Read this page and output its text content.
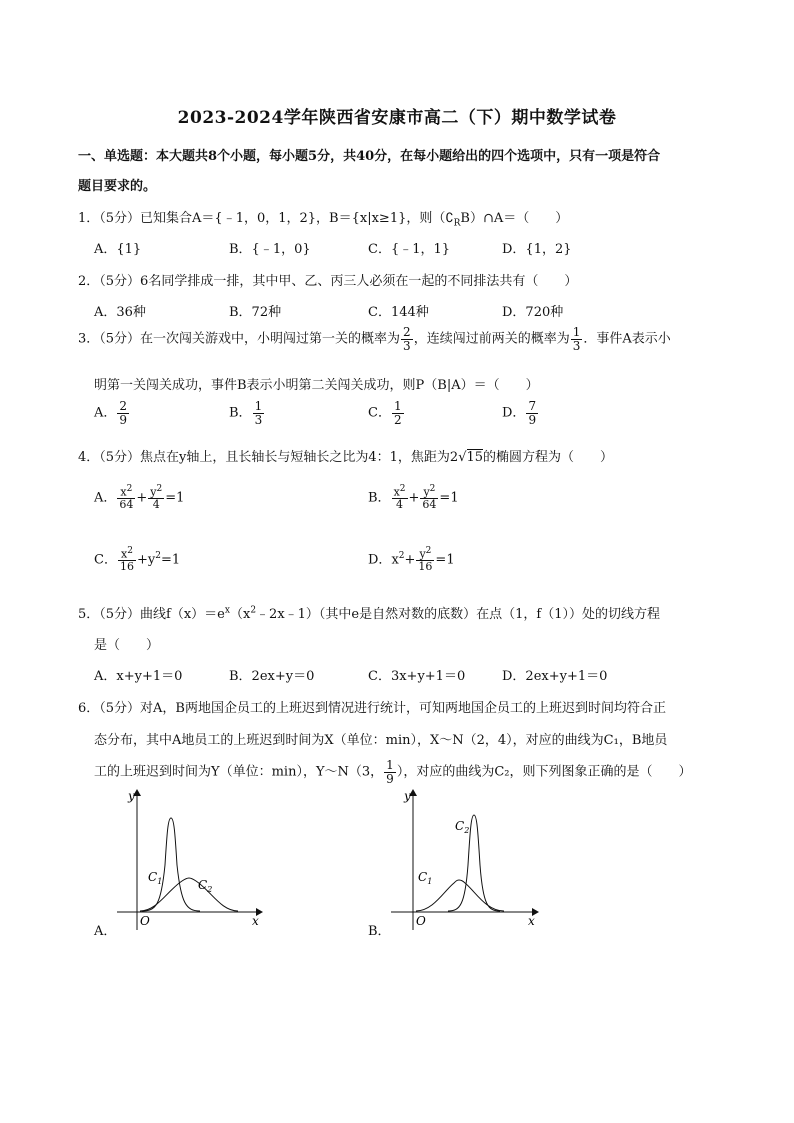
2023-2024学年陕西省安康市高二（下）期中数学试卷
一、单选题：本大题共8个小题，每小题5分，共40分，在每小题给出的四个选项中，只有一项是符合
题目要求的。
1．（5分）已知集合A＝{﹣1，0，1，2}，B＝{x|x≥1}，则$(∁_RB)\cap A=$（　　）
A．{1}	B．{﹣1，0}	C．{﹣1，1}	D．{1，2}
2．（5分）6名同学排成一排，其中甲、乙、丙三人必须在一起的不同排法共有（　　）
A．36种	B．72种	C．144种	D．720种
3．（5分）在一次闯关游戏中，小明闯过第一关的概率为 $\frac{2}{3}$ ，连续闯过前两关的概率为 $\frac{1}{3}$ ．事件A表示小
明第一关闯关成功，事件B表示小明第二关闯关成功，则P（B|A）＝（　　）
A． $\frac{2}{9}$	B． $\frac{1}{3}$	C． $\frac{1}{2}$	D． $\frac{7}{9}$
4．（5分）焦点在y轴上，且长轴长与短轴长之比为4：1，焦距为2√15的椭圆方程为（　　）
A． $\frac{x^2}{64} + \frac{y^2}{4} =1$	B． $\frac{x^2}{4} + \frac{y^2}{64} =1$
C． $\frac{x^2}{16} +y^2=1$	D．$x^2+ \frac{y^2}{16} =1$
5．（5分）曲线$f(x)=e^x(x^2﹣2x﹣1)$（其中e是自然对数的底数）在点（1，f（1））处的切线方程
是（　　）
A．x+y+1＝0	B．2ex+y＝0	C．3x+y+1＝0	D．2ex+y+1＝0
6．（5分）对A，B两地国企员工的上班迟到情况进行统计，可知两地国企员工的上班迟到时间均符合正
态分布，其中A地员工的上班迟到时间为X（单位：min），X～N（2，4），对应的曲线为C₁，B地员
工的上班迟到时间为Y（单位：min），Y～N（3， $\frac{1}{9}$ ），对应的曲线为C₂，则下列图象正确的是（　　）
A．
y
x
O
$C_1$	$C_2$
B．
y
x
O
$C_1$
$C_2$
